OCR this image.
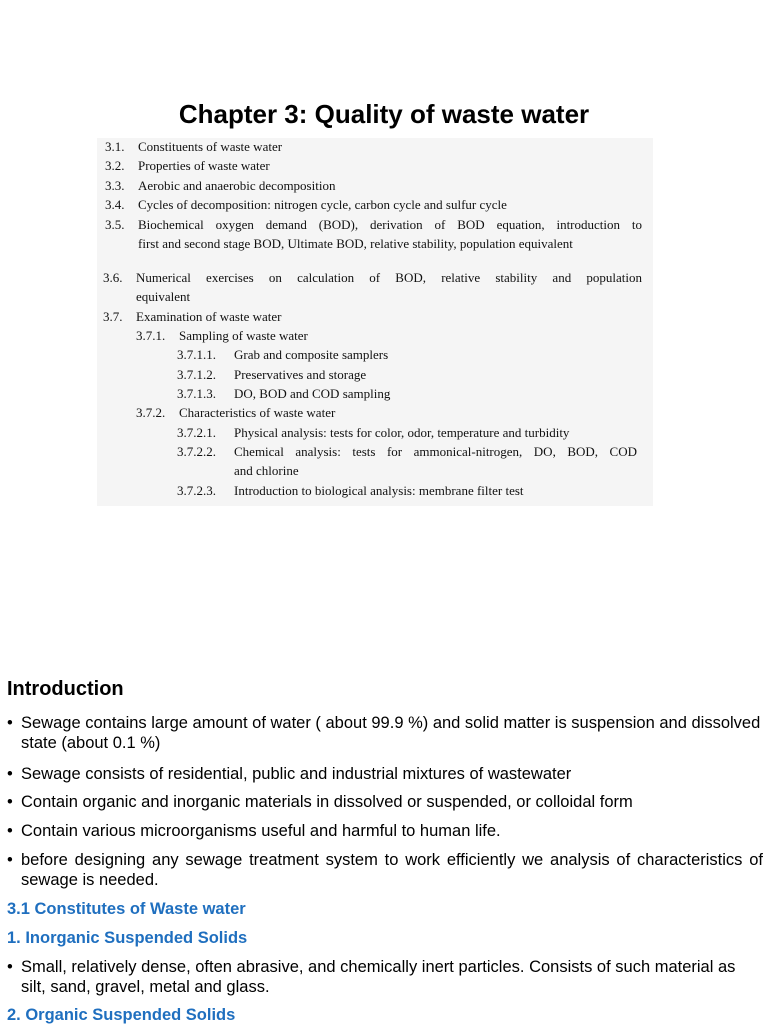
Chapter 3: Quality of waste water
3.1. Constituents of waste water
3.2. Properties of waste water
3.3. Aerobic and anaerobic decomposition
3.4. Cycles of decomposition: nitrogen cycle, carbon cycle and sulfur cycle
3.5. Biochemical oxygen demand (BOD), derivation of BOD equation, introduction to
first and second stage BOD, Ultimate BOD, relative stability, population equivalent
3.6. Numerical exercises on calculation of BOD, relative stability and population
equivalent
3.7. Examination of waste water
3.7.1. Sampling of waste water
3.7.1.1. Grab and composite samplers
3.7.1.2. Preservatives and storage
3.7.1.3. DO, BOD and COD sampling
3.7.2. Characteristics of waste water
3.7.2.1. Physical analysis: tests for color, odor, temperature and turbidity
3.7.2.2. Chemical analysis: tests for ammonical-nitrogen, DO, BOD, COD
and chlorine
3.7.2.3. Introduction to biological analysis: membrane filter test
Introduction
• Sewage contains large amount of water ( about 99.9 %) and solid matter is suspension and dissolved state (about 0.1 %)
• Sewage consists of residential, public and industrial mixtures of wastewater
• Contain organic and inorganic materials in dissolved or suspended, or colloidal form
• Contain various microorganisms useful and harmful to human life.
• before designing any sewage treatment system to work efficiently we analysis of characteristics of sewage is needed.
3.1 Constitutes of Waste water
1. Inorganic Suspended Solids
• Small, relatively dense, often abrasive, and chemically inert particles. Consists of such material as silt, sand, gravel, metal and glass.
2. Organic Suspended Solids
